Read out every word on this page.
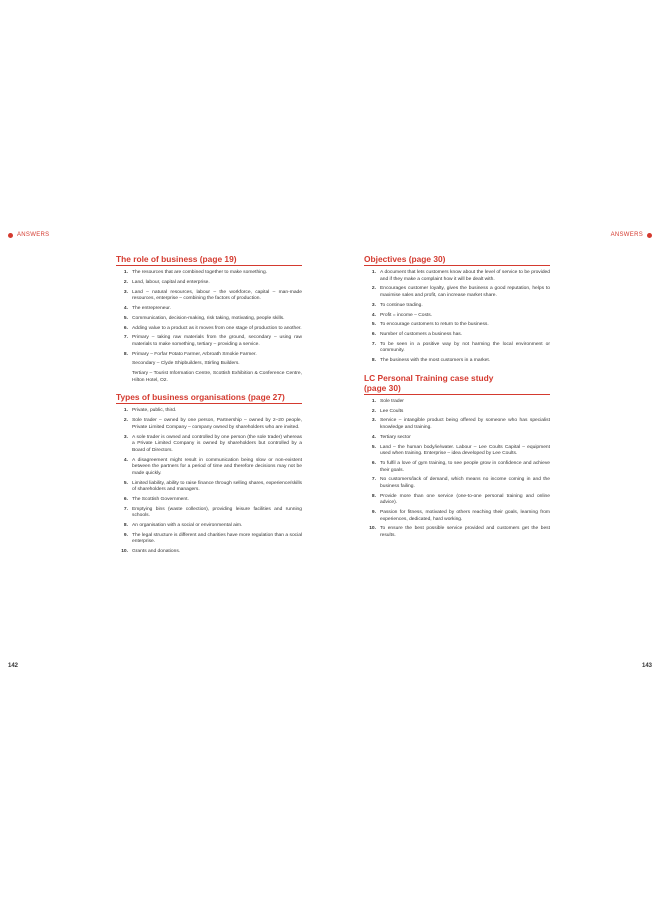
ANSWERS	ANSWERS
142	143
The role of business (page 19)
1. The resources that are combined together to make something.
2. Land, labour, capital and enterprise.
3. Land – natural resources, labour – the workforce, capital – man-made resources, enterprise – combining the factors of production.
4. The entrepreneur.
5. Communication, decision-making, risk taking, motivating, people skills.
6. Adding value to a product as it moves from one stage of production to another.
7. Primary – taking raw materials from the ground, secondary – using raw materials to make something, tertiary – providing a service.
8. Primary – Forfar Potato Farmer, Arbroath Smokie Farmer.
Secondary – Clyde Shipbuilders, Stirling Builders.
Tertiary – Tourist Information Centre, Scottish Exhibition & Conference Centre, Hilton Hotel, O2.
Types of business organisations (page 27)
1. Private, public, third.
2. Sole trader – owned by one person, Partnership – owned by 2–20 people, Private Limited Company – company owned by shareholders who are invited.
3. A sole trader is owned and controlled by one person (the sole trader) whereas a Private Limited Company is owned by shareholders but controlled by a Board of Directors.
4. A disagreement might result in communication being slow or non-existent between the partners for a period of time and therefore decisions may not be made quickly.
5. Limited liability, ability to raise finance through selling shares, experience/skills of shareholders and managers.
6. The Scottish Government.
7. Emptying bins (waste collection), providing leisure facilities and running schools.
8. An organisation with a social or environmental aim.
9. The legal structure is different and charities have more regulation than a social enterprise.
10. Grants and donations.
Objectives (page 30)
1. A document that lets customers know about the level of service to be provided and if they make a complaint how it will be dealt with.
2. Encourages customer loyalty, gives the business a good reputation, helps to maximise sales and profit, can increase market share.
3. To continue trading.
4. Profit = income – Costs.
5. To encourage customers to return to the business.
6. Number of customers a business has.
7. To be seen in a positive way by not harming the local environment or community.
8. The business with the most customers in a market.
LC Personal Training case study
(page 30)
1. Sole trader
2. Lee Coults
3. Service – intangible product being offered by someone who has specialist knowledge and training.
4. Tertiary sector
5. Land – the human body/ie/water. Labour – Lee Coults Capital – equipment used when training. Enterprise – idea developed by Lee Coults.
6. To fulfil a love of gym training, to see people grow in confidence and achieve their goals.
7. No customers/lack of demand, which means no income coming in and the business failing.
8. Provide more than one service (one-to-one personal training and online advice).
9. Passion for fitness, motivated by others reaching their goals, learning from experiences, dedicated, hard working.
10. To ensure the best possible service provided and customers get the best results.
